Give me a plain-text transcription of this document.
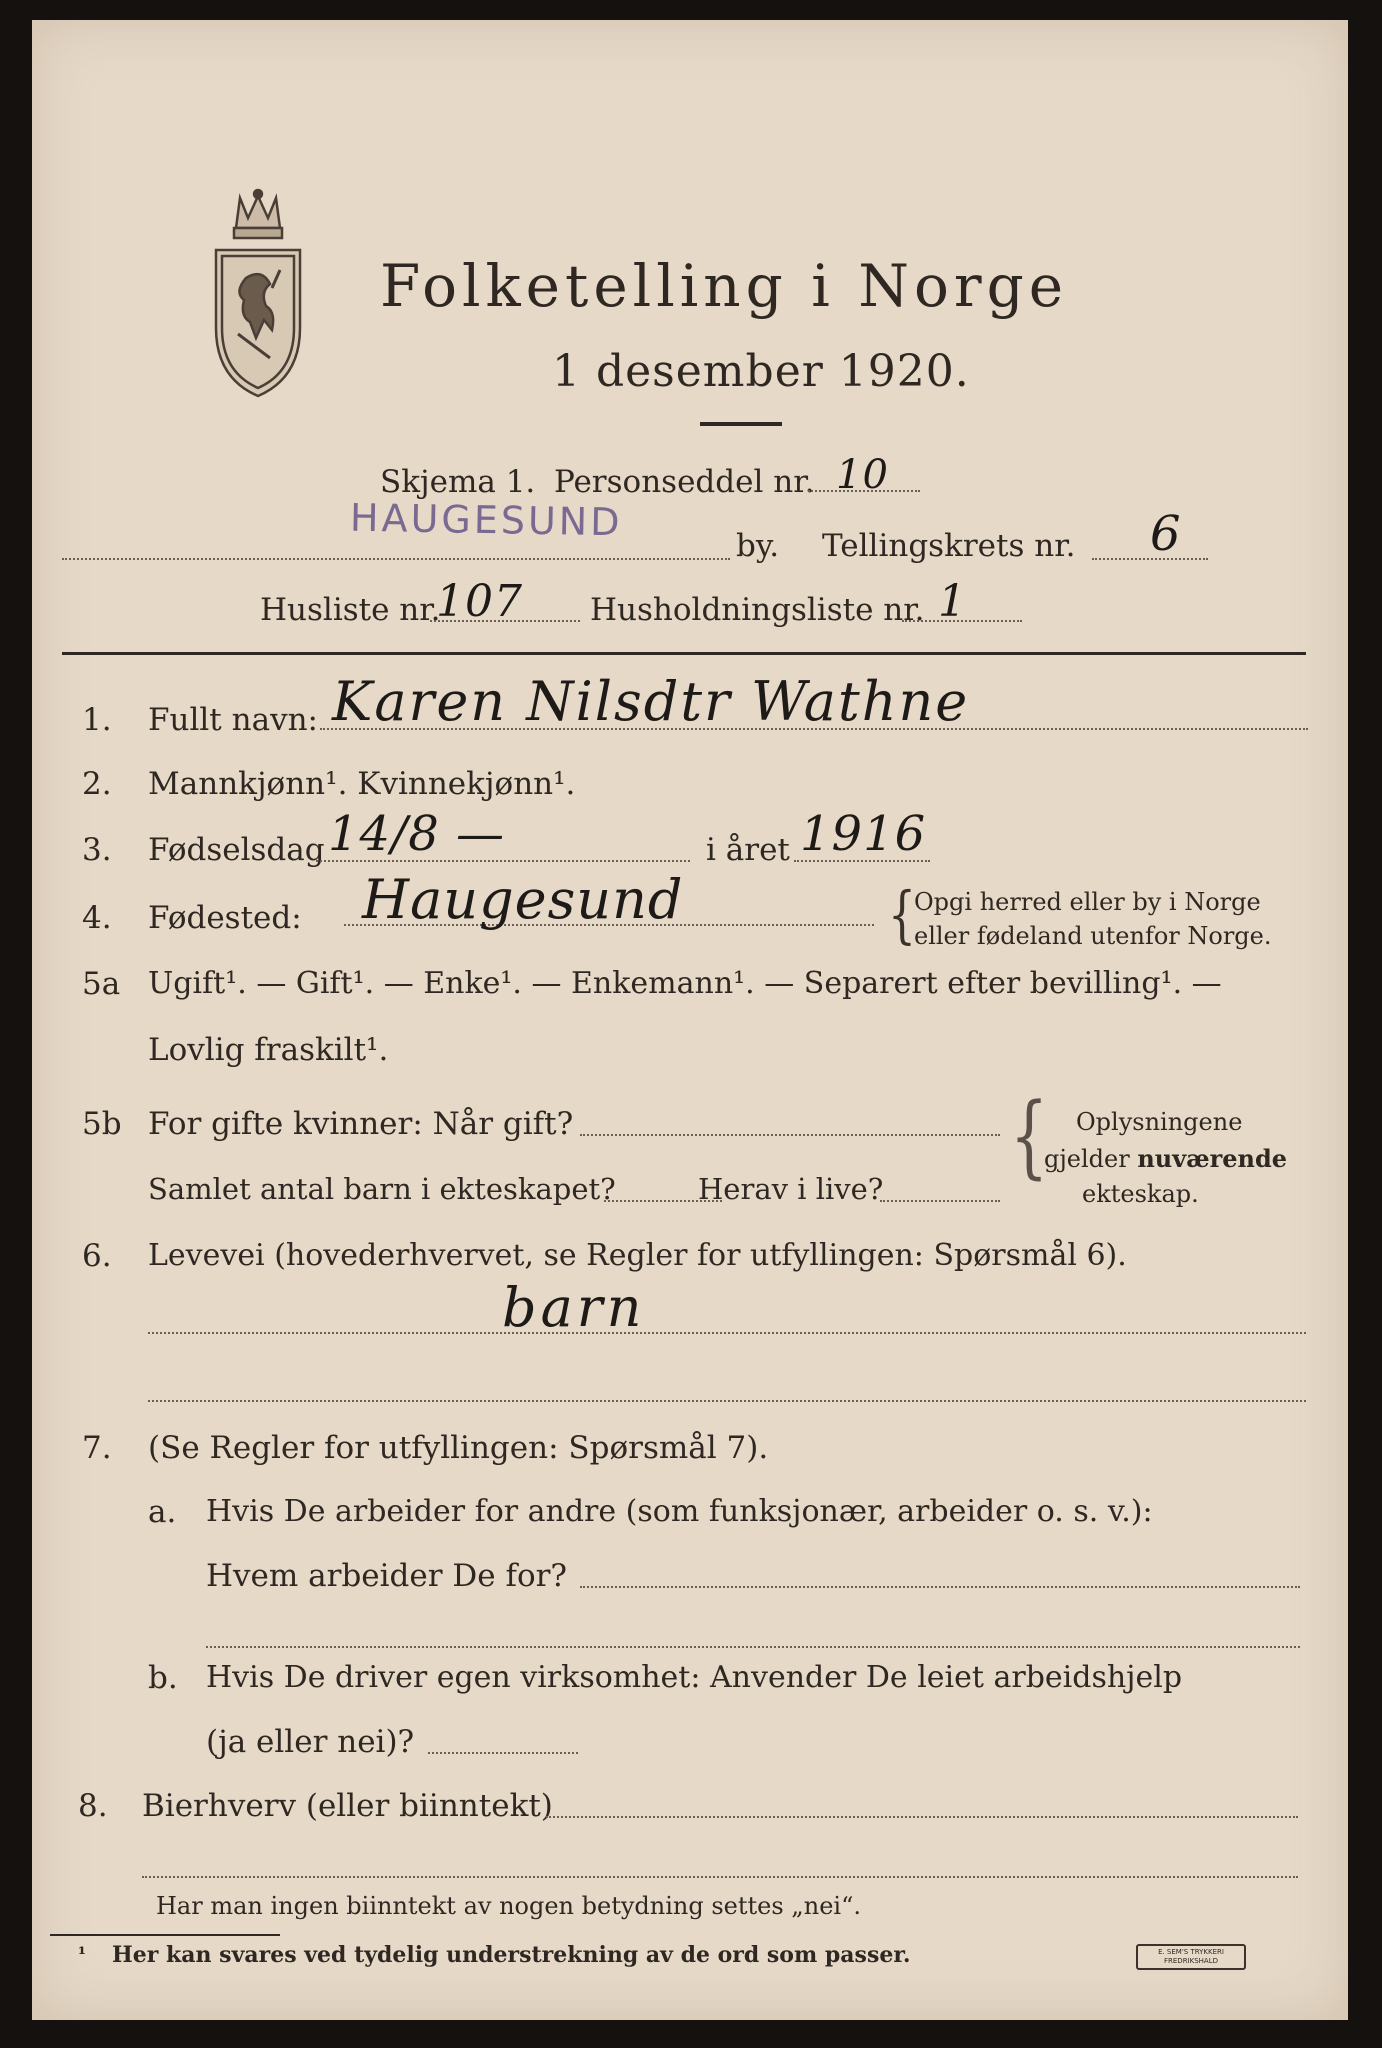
Folketelling i Norge
1 desember 1920.
Skjema 1. Personseddel nr. 10
HAUGESUND
by. Tellingskrets nr. 6
Husliste nr.
107 Husholdningsliste nr. 1
1. Fullt navn: Karen Nilsdtr Wathne
2. Mannkjønn¹. Kvinnekjønn¹.
3. Fødselsdag 14/8 —	i året 1916
4. Fødested: Haugesund	{
Opgi herred eller by i Norge
eller fødeland utenfor Norge.
5a Ugift¹. — Gift¹. — Enke¹. — Enkemann¹. — Separert efter bevilling¹. —
Lovlig fraskilt¹.
5b For gifte kvinner: Når gift?
Samlet antal barn i ekteskapet?	Herav i live? { Oplysningene
gjelder nuværende
ekteskap.
6. Levevei (hovederhvervet, se Regler for utfyllingen: Spørsmål 6).
barn
7. (Se Regler for utfyllingen: Spørsmål 7).
a. Hvis De arbeider for andre (som funksjonær, arbeider o. s. v.):
Hvem arbeider De for?
b. Hvis De driver egen virksomhet: Anvender De leiet arbeidshjelp
(ja eller nei)?
8. Bierhverv (eller biinntekt)
Har man ingen biinntekt av nogen betydning settes „nei“.
¹ Her kan svares ved tydelig understrekning av de ord som passer.	E. SEM'S TRYKKERI
FREDRIKSHALD
